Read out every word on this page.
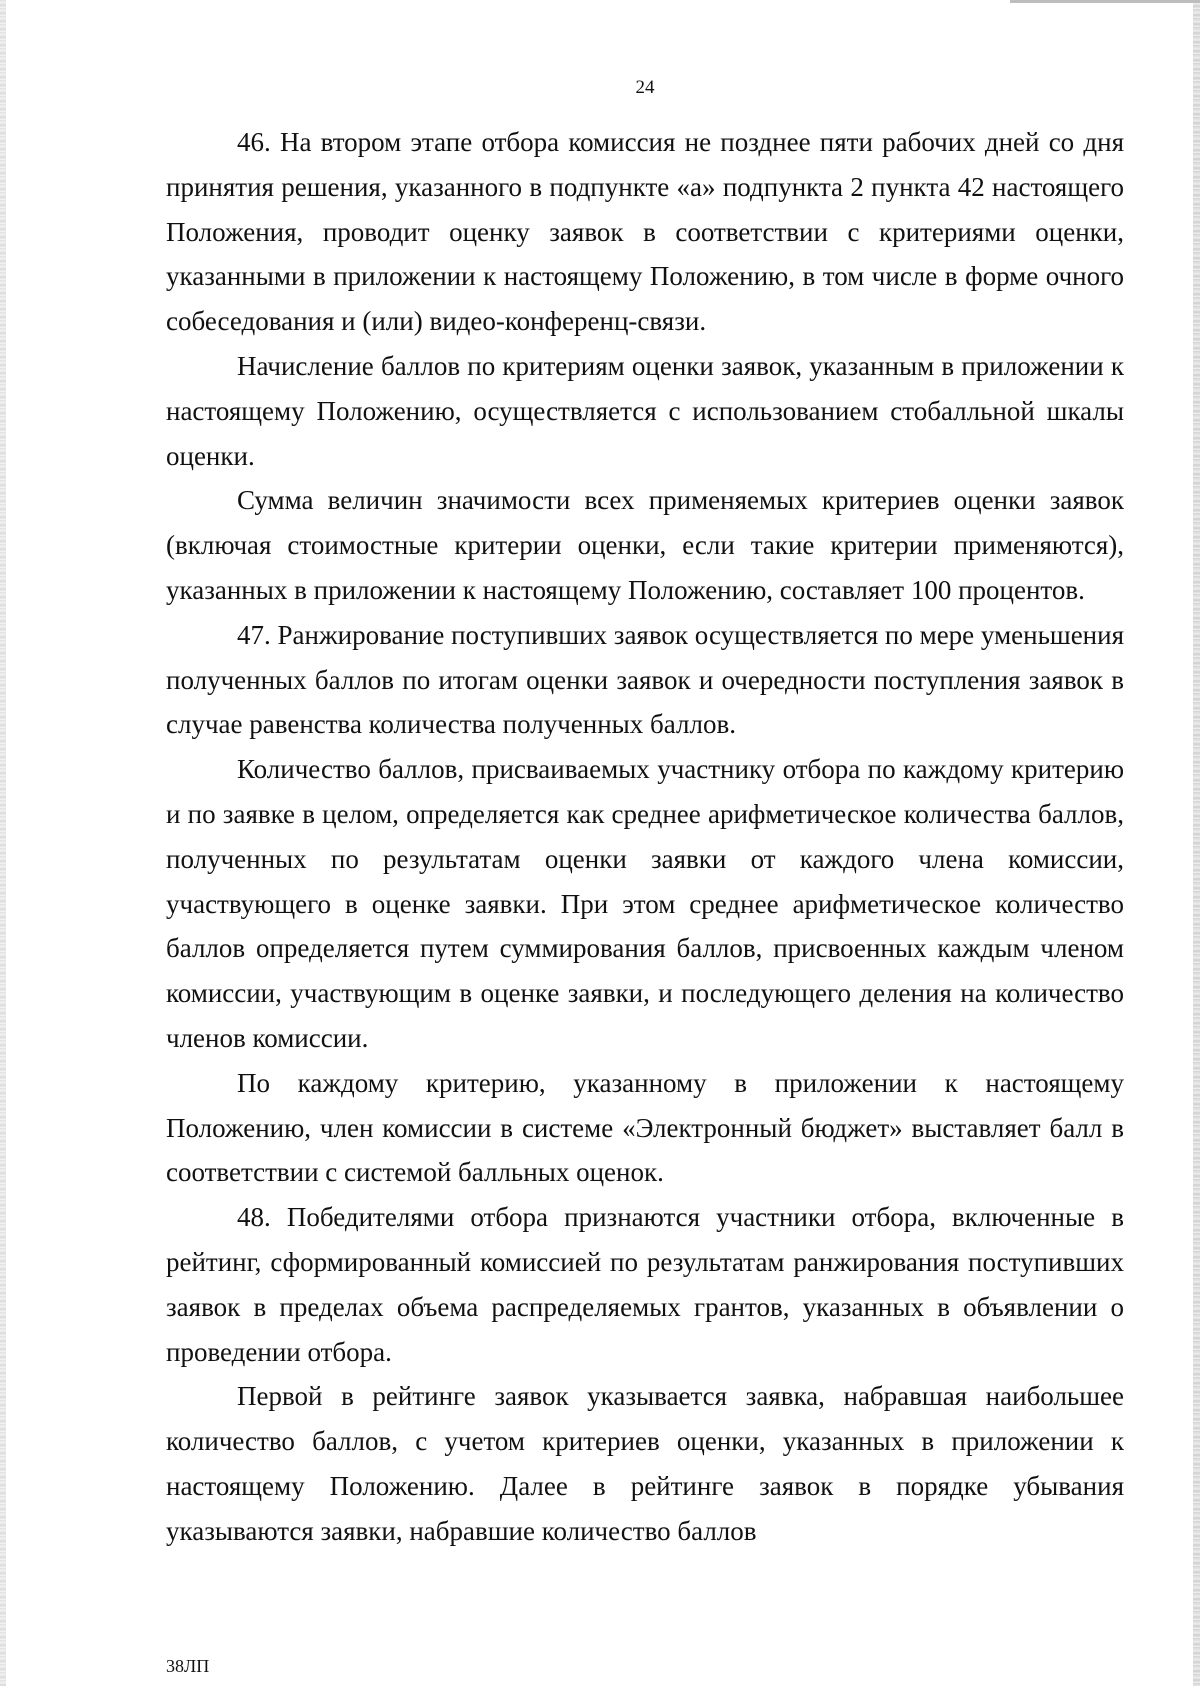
24

46. На втором этапе отбора комиссия не позднее пяти рабочих дней со дня принятия решения, указанного в подпункте «а» подпункта 2 пункта 42 настоящего Положения, проводит оценку заявок в соответствии с критериями оценки, указанными в приложении к настоящему Положению, в том числе в форме очного собеседования и (или) видео-конференц-связи.

Начисление баллов по критериям оценки заявок, указанным в приложении к настоящему Положению, осуществляется с использованием стобалльной шкалы оценки.

Сумма величин значимости всех применяемых критериев оценки заявок (включая стоимостные критерии оценки, если такие критерии применяются), указанных в приложении к настоящему Положению, составляет 100 процентов.

47. Ранжирование поступивших заявок осуществляется по мере уменьшения полученных баллов по итогам оценки заявок и очередности поступления заявок в случае равенства количества полученных баллов.

Количество баллов, присваиваемых участнику отбора по каждому критерию и по заявке в целом, определяется как среднее арифметическое количества баллов, полученных по результатам оценки заявки от каждого члена комиссии, участвующего в оценке заявки. При этом среднее арифметическое количество баллов определяется путем суммирования баллов, присвоенных каждым членом комиссии, участвующим в оценке заявки, и последующего деления на количество членов комиссии.

По каждому критерию, указанному в приложении к настоящему Положению, член комиссии в системе «Электронный бюджет» выставляет балл в соответствии с системой балльных оценок.

48. Победителями отбора признаются участники отбора, включенные в рейтинг, сформированный комиссией по результатам ранжирования поступивших заявок в пределах объема распределяемых грантов, указанных в объявлении о проведении отбора.

Первой в рейтинге заявок указывается заявка, набравшая наибольшее количество баллов, с учетом критериев оценки, указанных в приложении к настоящему Положению. Далее в рейтинге заявок в порядке убывания указываются заявки, набравшие количество баллов

38ЛП
